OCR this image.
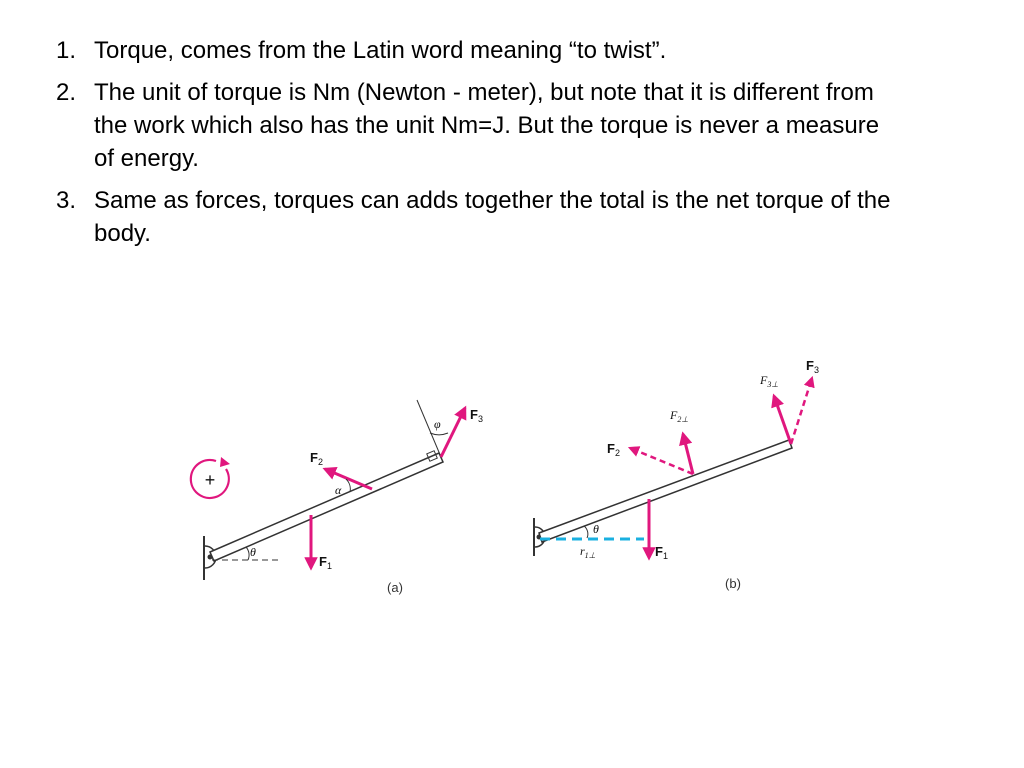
1. Torque, comes from the Latin word meaning “to twist”.
2. The unit of torque is Nm (Newton - meter), but note that it is different from the work which also has the unit Nm=J. But the torque is never a measure of energy.
3. Same as forces, torques can adds together the total is the net torque of the body.
+
θ
φ
$F_3$
$F_2$
α
$F_1$
(a)
θ
$r_{1\perp}$	$F_1$
$F_2$
$F_{2\perp}$
$F_3$
$F_{3\perp}$
(b)
